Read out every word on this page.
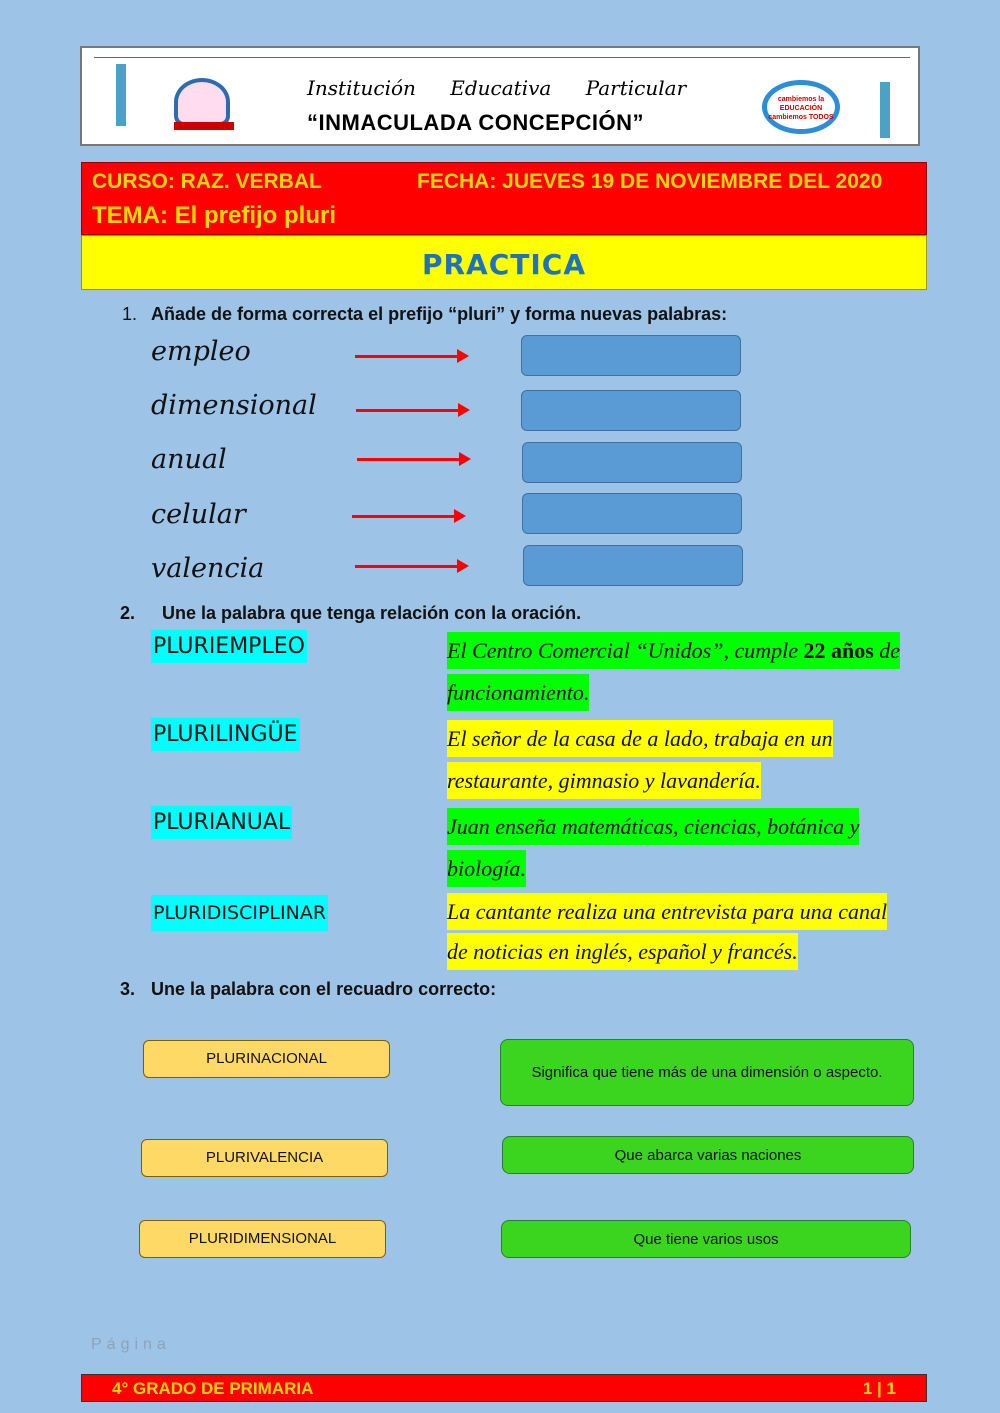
Institución Educativa Particular
“INMACULADA CONCEPCIÓN”
cambiemos la EDUCACIÓN cambiemos TODOS
CURSO: RAZ. VERBAL	FECHA: JUEVES 19 DE NOVIEMBRE DEL 2020
TEMA: El prefijo pluri
PRACTICA
1. Añade de forma correcta el prefijo “pluri” y forma nuevas palabras:
empleo
dimensional
anual
celular
valencia
2. Une la palabra que tenga relación con la oración.
PLURIEMPLEO
PLURILINGÜE
PLURIANUAL
PLURIDISCIPLINAR
El Centro Comercial “Unidos”, cumple 22 años de funcionamiento.
El señor de la casa de a lado, trabaja en un restaurante, gimnasio y lavandería.
Juan enseña matemáticas, ciencias, botánica y biología.
La cantante realiza una entrevista para una canal de noticias en inglés, español y francés.
3. Une la palabra con el recuadro correcto:
PLURINACIONAL
PLURIVALENCIA
PLURIDIMENSIONAL
Significa que tiene más de una dimensión o aspecto.
Que abarca varias naciones
Que tiene varios usos
Página
4° GRADO DE PRIMARIA	1 | 1
